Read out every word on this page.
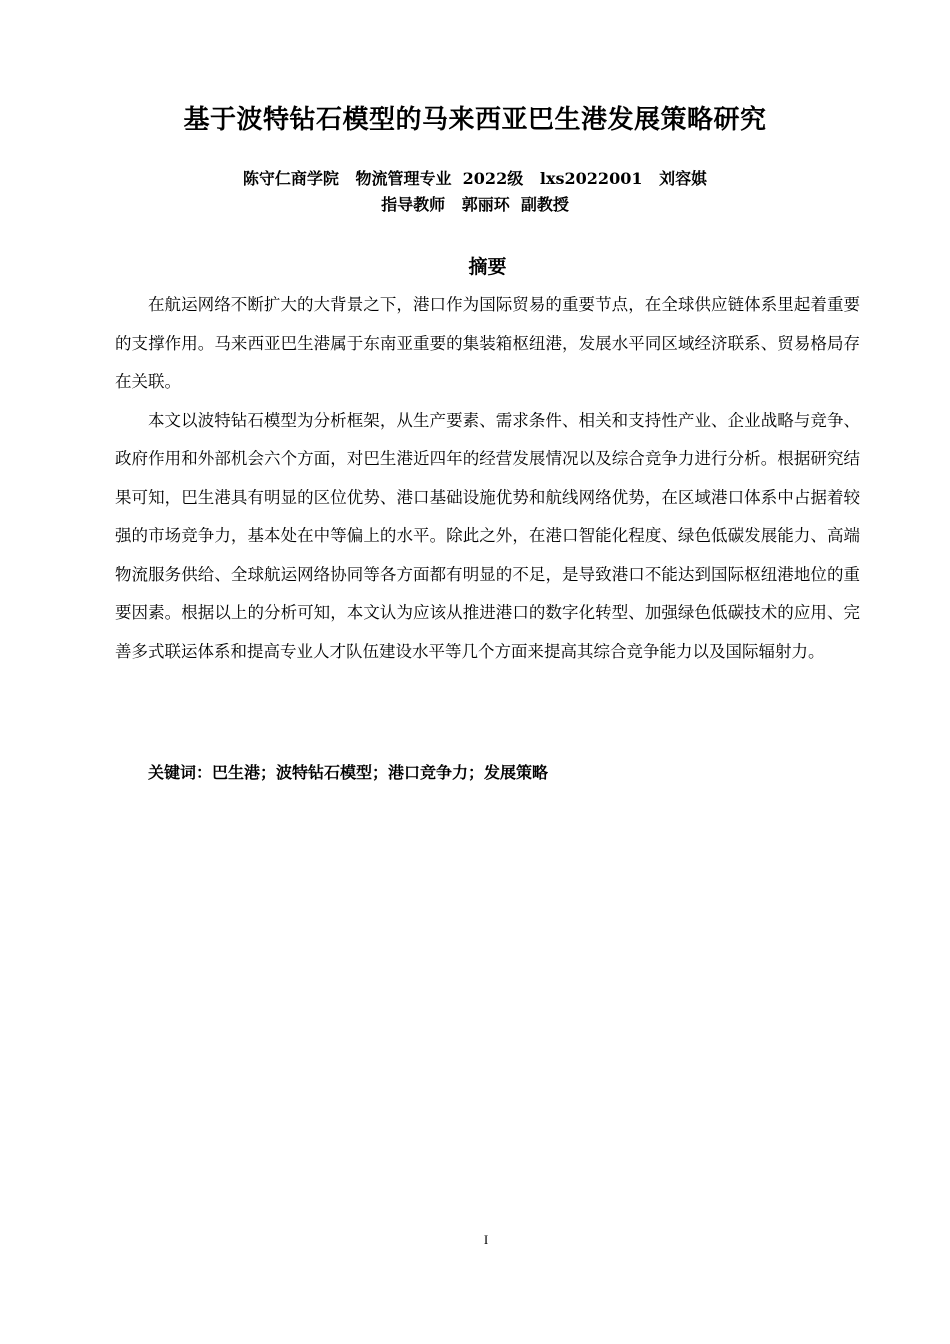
基于波特钻石模型的马来西亚巴生港发展策略研究
陈守仁商学院   物流管理专业  2022级   lxs2022001   刘容娸
指导教师   郭丽环  副教授
摘要

在航运网络不断扩大的大背景之下，港口作为国际贸易的重要节点，在全球供应链体系里起着重要的支撑作用。马来西亚巴生港属于东南亚重要的集装箱枢纽港，发展水平同区域经济联系、贸易格局存在关联。

本文以波特钻石模型为分析框架，从生产要素、需求条件、相关和支持性产业、企业战略与竞争、政府作用和外部机会六个方面，对巴生港近四年的经营发展情况以及综合竞争力进行分析。根据研究结果可知，巴生港具有明显的区位优势、港口基础设施优势和航线网络优势，在区域港口体系中占据着较强的市场竞争力，基本处在中等偏上的水平。除此之外，在港口智能化程度、绿色低碳发展能力、高端物流服务供给、全球航运网络协同等各方面都有明显的不足，是导致港口不能达到国际枢纽港地位的重要因素。根据以上的分析可知，本文认为应该从推进港口的数字化转型、加强绿色低碳技术的应用、完善多式联运体系和提高专业人才队伍建设水平等几个方面来提高其综合竞争能力以及国际辐射力。

关键词：巴生港；波特钻石模型；港口竞争力；发展策略
I
